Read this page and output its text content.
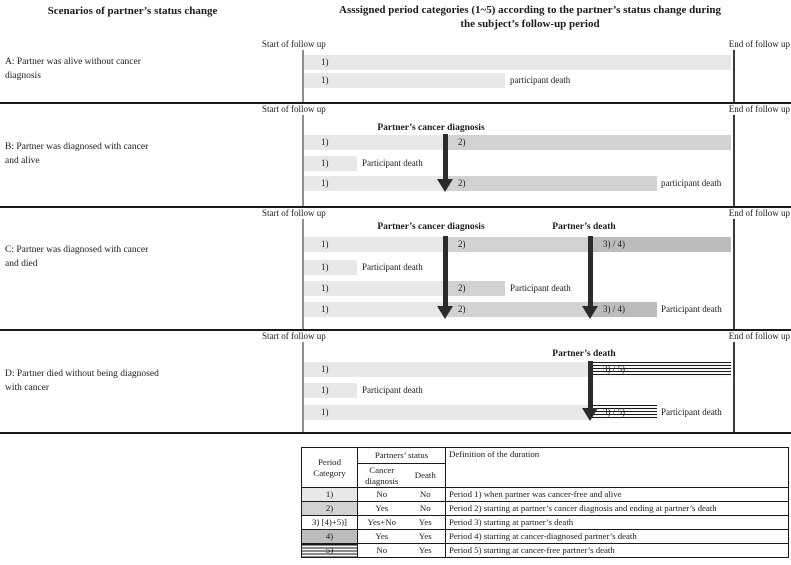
Scenarios of partner’s status change	Asssigned period categories (1~5) according to the partner’s status change during
the subject’s follow-up period
A: Partner was alive without cancer
diagnosis
Start of follow up	End of follow up
1)
1)	participant death
B: Partner was diagnosed with cancer
and alive
Start of follow up	End of follow up
Partner’s cancer diagnosis
1)	2)
1)	Participant death
1)	2)	participant death
C: Partner was diagnosed with cancer
and died
Start of follow up	End of follow up
Partner’s cancer diagnosis	Partner’s death
1)	2)	3) / 4)
1)	Participant death
1)	2)	Participant death
1)	2)	3) / 4)	Participant death
D: Partner died without being diagnosed
with cancer
Start of follow up	End of follow up
Partner’s death
1)	3) / 5)
1)	Participant death
1)	3) / 5)	Participant death
Period Category	Partners’ status		Definition of the duration
	Cancer diagnosis	Death	
1)	No	No	Period 1) when partner was cancer-free and alive
2)	Yes	No	Period 2) starting at partner’s cancer diagnosis and ending at partner’s death
3) [4)+5)]	Yes+No	Yes	Period 3) starting at partner’s death
4)	Yes	Yes	Period 4) starting at cancer-diagnosed partner’s death
5)	No	Yes	Period 5) starting at cancer-free partner’s death
